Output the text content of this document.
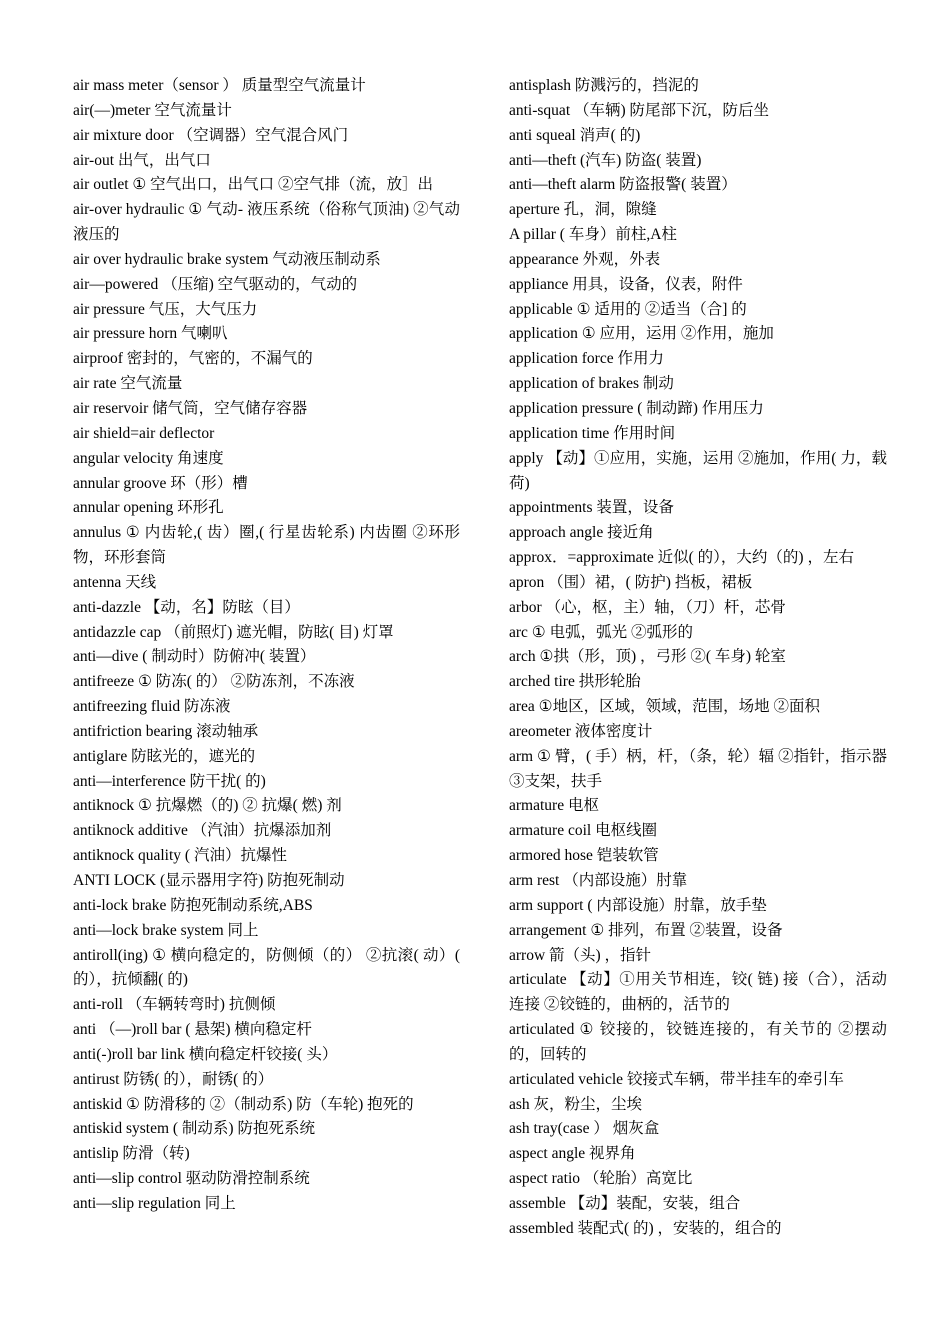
air mass meter（sensor ） 质量型空气流量计

air(—)meter 空气流量计

air mixture door （空调器）空气混合风门

air-out 出气，出气口

air outlet ① 空气出口，出气口 ②空气排（流，放］出

air-over hydraulic ① 气动- 液压系统（俗称气顶油) ②气动液压的

air over hydraulic brake system 气动液压制动系

air—powered （压缩) 空气驱动的，气动的

air pressure 气压，大气压力

air pressure horn 气喇叭

airproof 密封的，气密的，不漏气的

air rate 空气流量

air reservoir 储气筒，空气储存容器

air shield=air deflector

angular velocity 角速度

annular groove 环（形）槽

annular opening 环形孔

annulus ① 内齿轮,( 齿）圈,( 行星齿轮系) 内齿圈 ②环形物，环形套筒

antenna 天线

anti-dazzle 【动，名】防眩（目）

antidazzle cap （前照灯) 遮光帽，防眩( 目) 灯罩

anti—dive ( 制动时）防俯冲( 装置）

antifreeze ① 防冻( 的） ②防冻剂，不冻液

antifreezing fluid 防冻液

antifriction bearing 滚动轴承

antiglare 防眩光的，遮光的

anti—interference 防干扰( 的)

antiknock ① 抗爆燃（的) ② 抗爆( 燃) 剂

antiknock additive （汽油）抗爆添加剂

antiknock quality ( 汽油）抗爆性

ANTI LOCK (显示器用字符) 防抱死制动

anti-lock brake 防抱死制动系统,ABS

anti—lock brake system 同上

antiroll(ing) ① 横向稳定的，防侧倾（的） ②抗滚( 动）( 的），抗倾翻( 的)

anti-roll （车辆转弯时) 抗侧倾

anti （—)roll bar ( 悬架) 横向稳定杆

anti(-)roll bar link 横向稳定杆铰接( 头）

antirust 防锈( 的），耐锈( 的）

antiskid ① 防滑移的 ②（制动系) 防（车轮) 抱死的

antiskid system ( 制动系) 防抱死系统

antislip 防滑（转)

anti—slip control 驱动防滑控制系统

anti—slip regulation 同上

antisplash 防溅污的，挡泥的

anti-squat （车辆) 防尾部下沉，防后坐

anti squeal 消声( 的)

anti—theft (汽车) 防盗( 装置)

anti—theft alarm 防盗报警( 装置）

aperture 孔，洞，隙缝

A pillar ( 车身）前柱,A柱

appearance 外观，外表

appliance 用具，设备，仪表，附件

applicable ① 适用的 ②适当（合] 的

application ① 应用，运用 ②作用，施加

application force 作用力

application of brakes 制动

application pressure ( 制动蹄) 作用压力

application time 作用时间

apply 【动】①应用，实施，运用 ②施加，作用( 力，载荷)

appointments 装置，设备

approach angle 接近角

approx．=approximate 近似( 的），大约（的) ，左右

apron （围）裙，( 防护) 挡板，裙板

arbor （心，枢，主）轴，（刀）杆，芯骨

arc ① 电弧，弧光 ②弧形的

arch ①拱（形，顶) ，弓形 ②( 车身) 轮室

arched tire 拱形轮胎

area ①地区，区域，领域，范围，场地 ②面积

areometer 液体密度计

arm ① 臂，( 手）柄，杆，（条，轮）辐 ②指针，指示器③支架，扶手

armature 电枢

armature coil 电枢线圈

armored hose 铠装软管

arm rest （内部设施）肘靠

arm support ( 内部设施）肘靠，放手垫

arrangement ① 排列，布置 ②装置，设备

arrow 箭（头) ，指针

articulate 【动】①用关节相连，铰( 链) 接（合），活动连接 ②铰链的，曲柄的，活节的

articulated ① 铰接的，铰链连接的，有关节的 ②摆动的，回转的

articulated vehicle 铰接式车辆，带半挂车的牵引车

ash 灰，粉尘，尘埃

ash tray(case ） 烟灰盒

aspect angle 视界角

aspect ratio （轮胎）高宽比

assemble 【动】装配，安装，组合

assembled 装配式( 的) ，安装的，组合的
